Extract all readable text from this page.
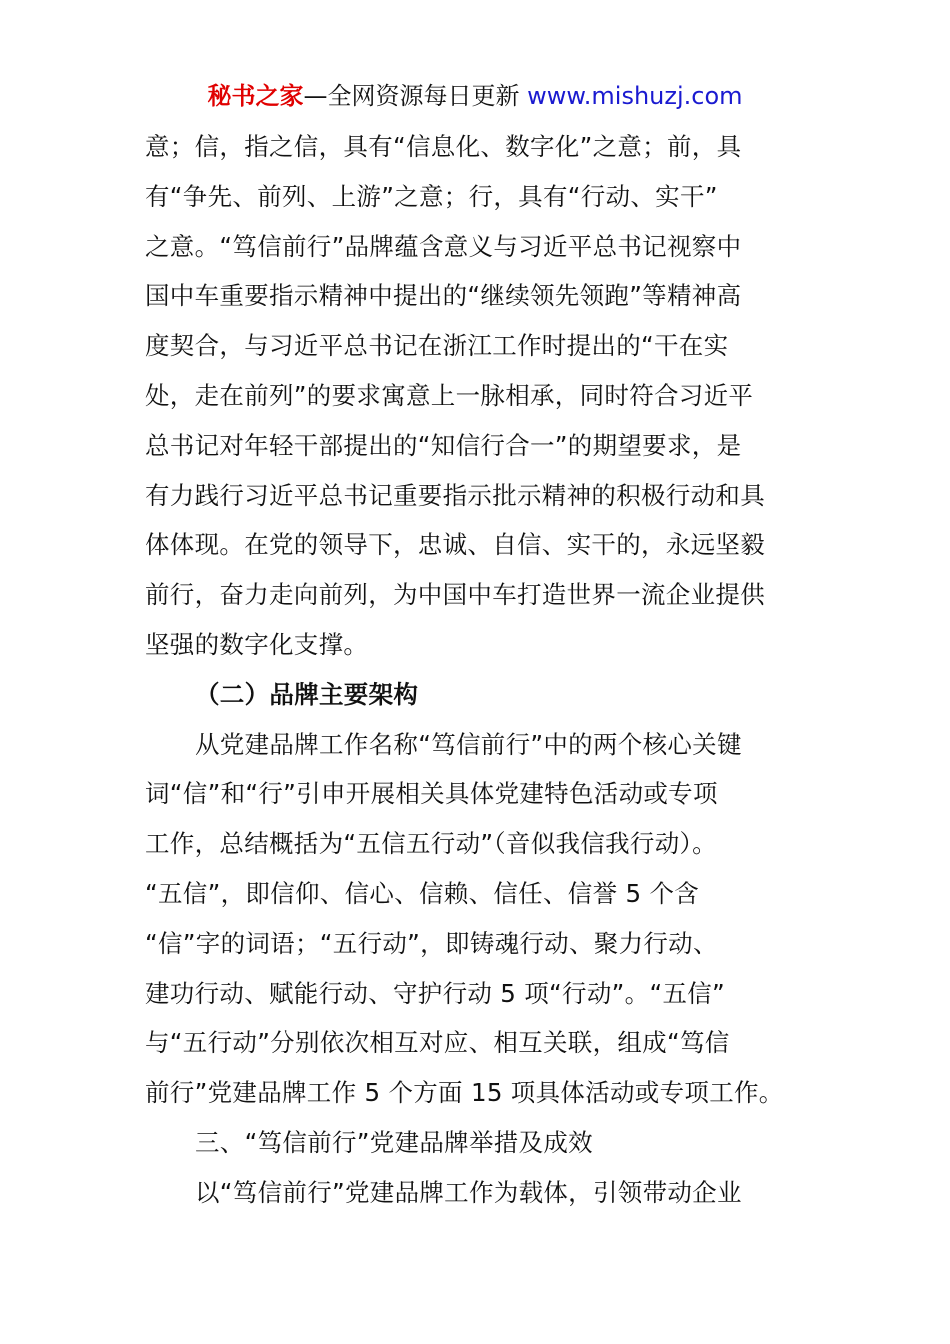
秘书之家—全网资源每日更新 www.mishuzj.com
意；信，指之信，具有“信息化、数字化”之意；前，具
有“争先、前列、上游”之意；行，具有“行动、实干”
之意。“笃信前行”品牌蕴含意义与习近平总书记视察中
国中车重要指示精神中提出的“继续领先领跑”等精神高
度契合，与习近平总书记在浙江工作时提出的“干在实
处，走在前列”的要求寓意上一脉相承，同时符合习近平
总书记对年轻干部提出的“知信行合一”的期望要求，是
有力践行习近平总书记重要指示批示精神的积极行动和具
体体现。在党的领导下，忠诚、自信、实干的，永远坚毅
前行，奋力走向前列，为中国中车打造世界一流企业提供
坚强的数字化支撑。
（二）品牌主要架构
从党建品牌工作名称“笃信前行”中的两个核心关键
词“信”和“行”引申开展相关具体党建特色活动或专项
工作，总结概括为“五信五行动”（音似我信我行动）。
“五信”，即信仰、信心、信赖、信任、信誉 5 个含
“信”字的词语；“五行动”，即铸魂行动、聚力行动、
建功行动、赋能行动、守护行动 5 项“行动”。“五信”
与“五行动”分别依次相互对应、相互关联，组成“笃信
前行”党建品牌工作 5 个方面 15 项具体活动或专项工作。
三、“笃信前行”党建品牌举措及成效
以“笃信前行”党建品牌工作为载体，引领带动企业
